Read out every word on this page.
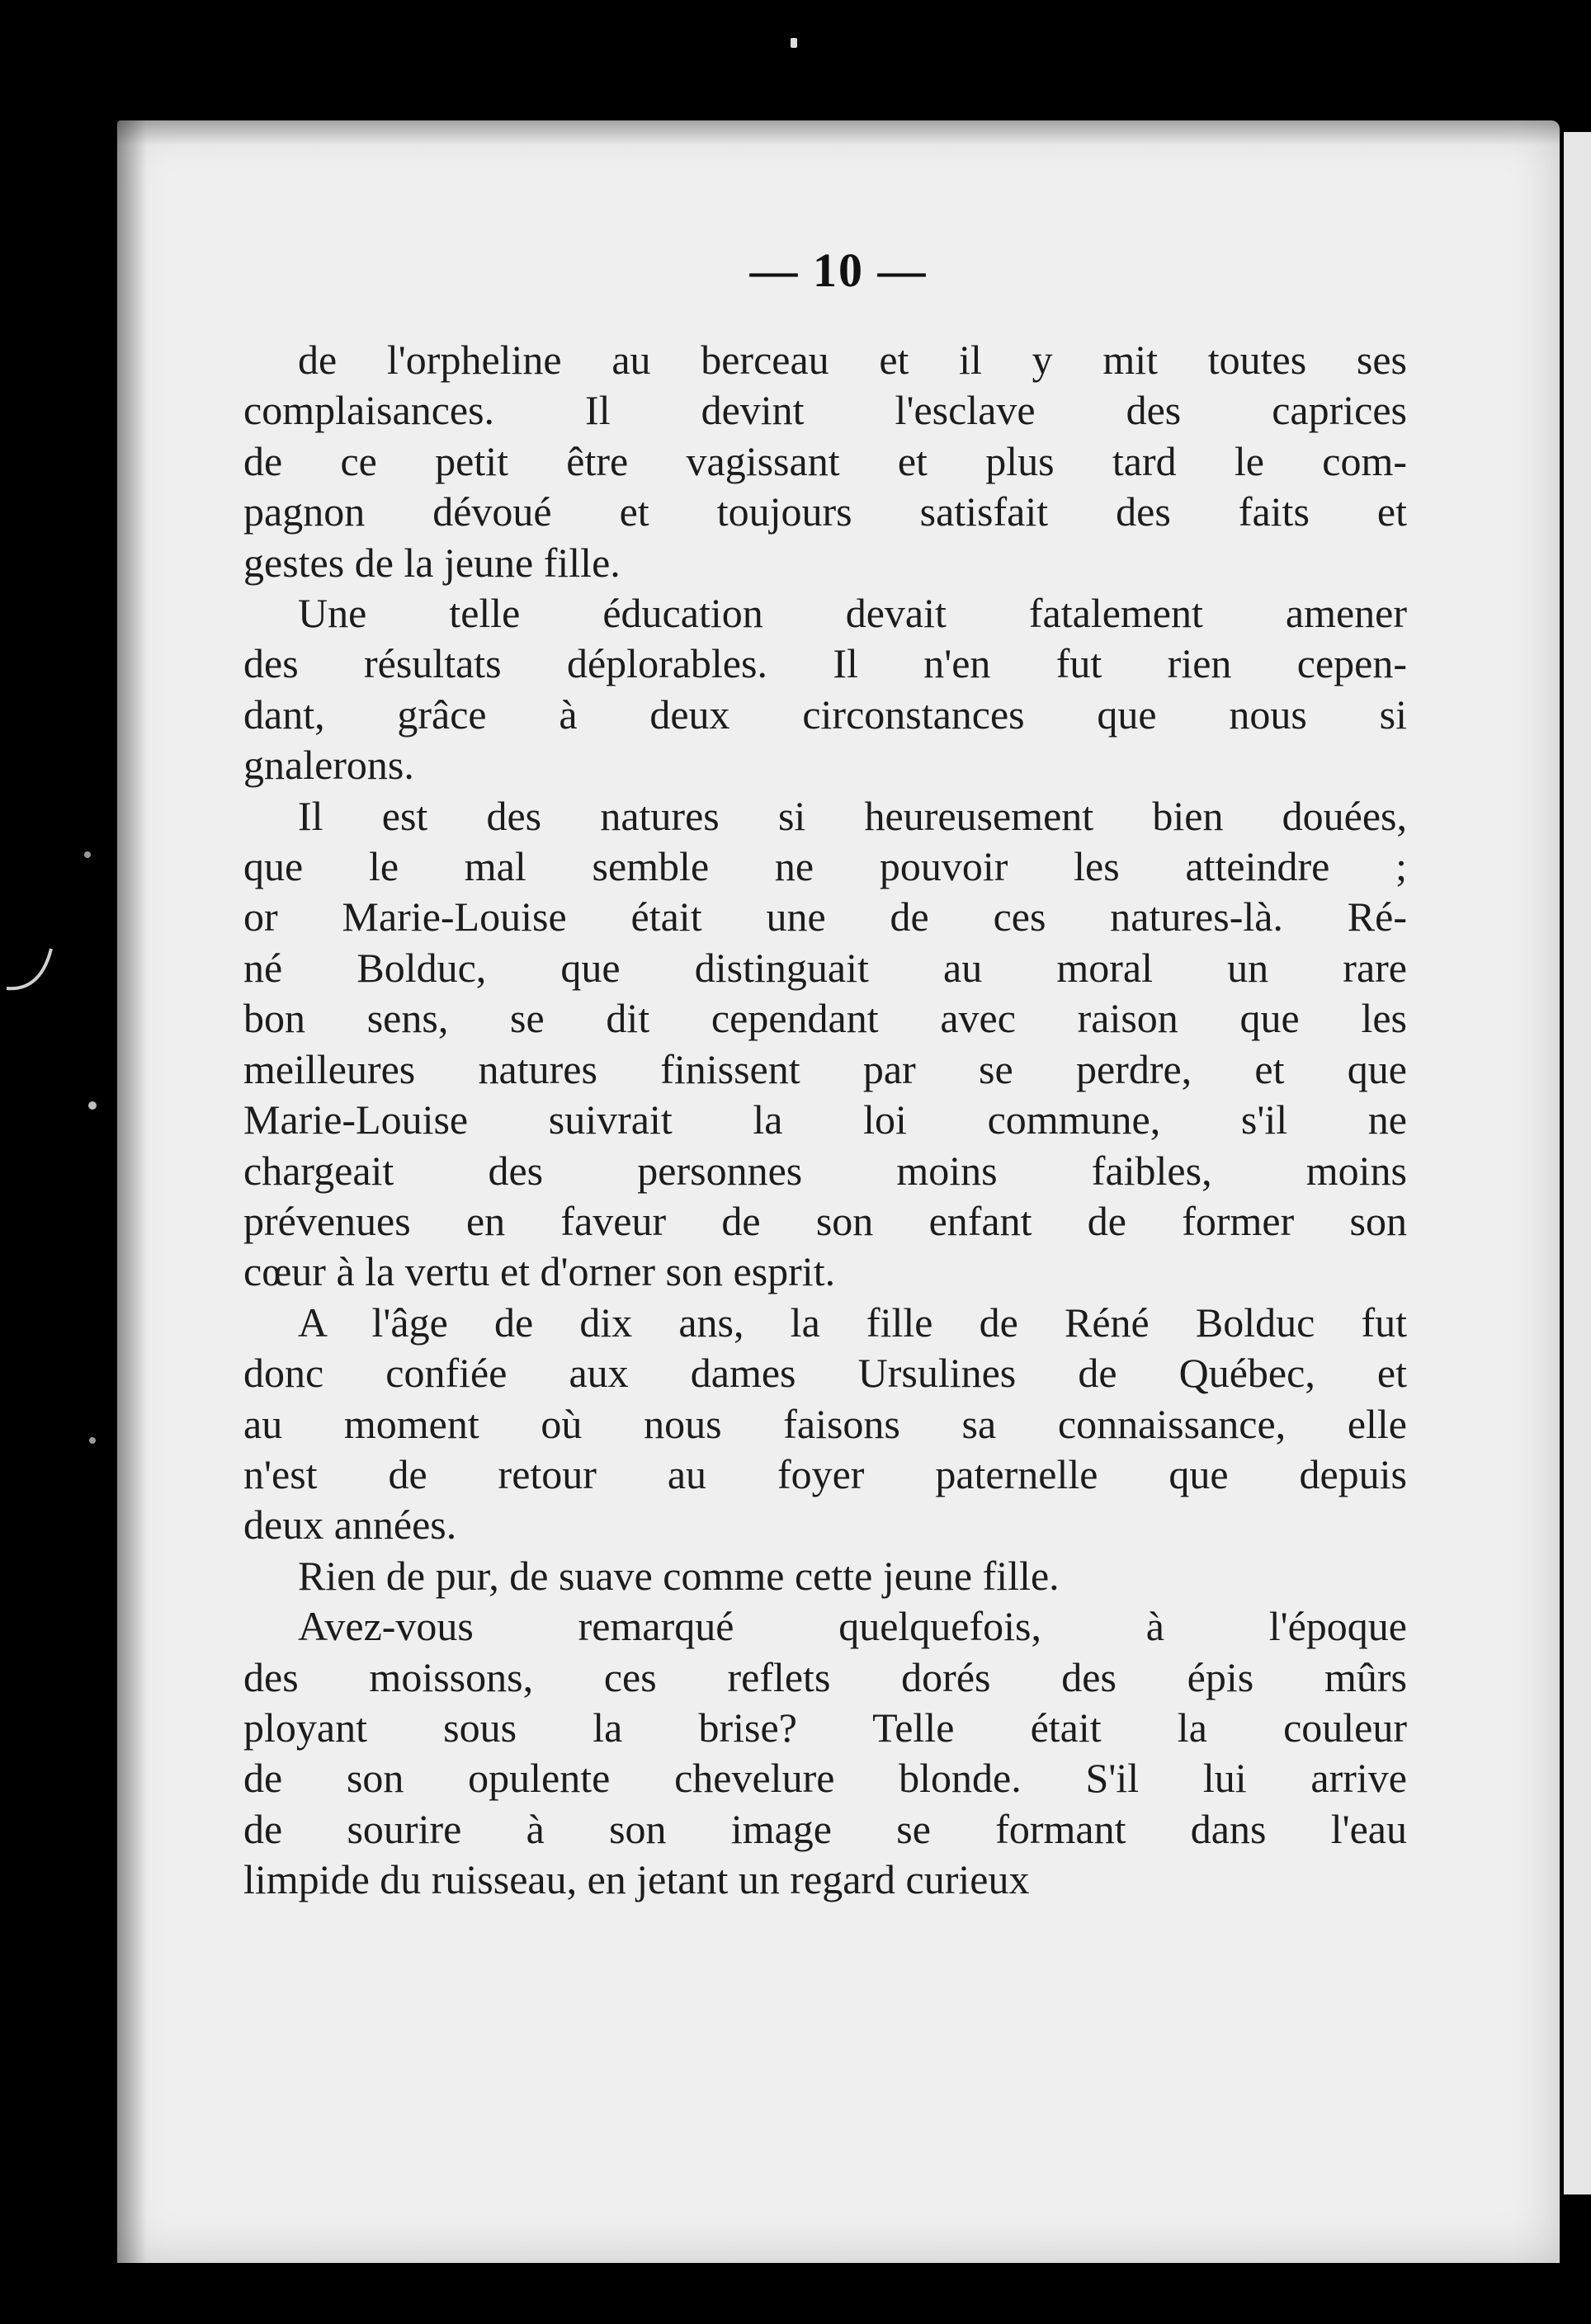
— 10 —

de l'orpheline au berceau et il y mit toutes ses
complaisances. Il devint l'esclave des caprices
de ce petit être vagissant et plus tard le com-
pagnon dévoué et toujours satisfait des faits et
gestes de la jeune fille.

Une telle éducation devait fatalement amener
des résultats déplorables. Il n'en fut rien cepen-
dant, grâce à deux circonstances que nous si
gnalerons.

Il est des natures si heureusement bien douées,
que le mal semble ne pouvoir les atteindre ;
or Marie-Louise était une de ces natures-là. Ré-
né Bolduc, que distinguait au moral un rare
bon sens, se dit cependant avec raison que les
meilleures natures finissent par se perdre, et que
Marie-Louise suivrait la loi commune, s'il ne
chargeait des personnes moins faibles, moins
prévenues en faveur de son enfant de former son
cœur à la vertu et d'orner son esprit.

A l'âge de dix ans, la fille de Réné Bolduc fut
donc confiée aux dames Ursulines de Québec, et
au moment où nous faisons sa connaissance, elle
n'est de retour au foyer paternelle que depuis
deux années.

Rien de pur, de suave comme cette jeune fille.

Avez-vous remarqué quelquefois, à l'époque
des moissons, ces reflets dorés des épis mûrs
ployant sous la brise? Telle était la couleur
de son opulente chevelure blonde. S'il lui arrive
de sourire à son image se formant dans l'eau
limpide du ruisseau, en jetant un regard curieux
